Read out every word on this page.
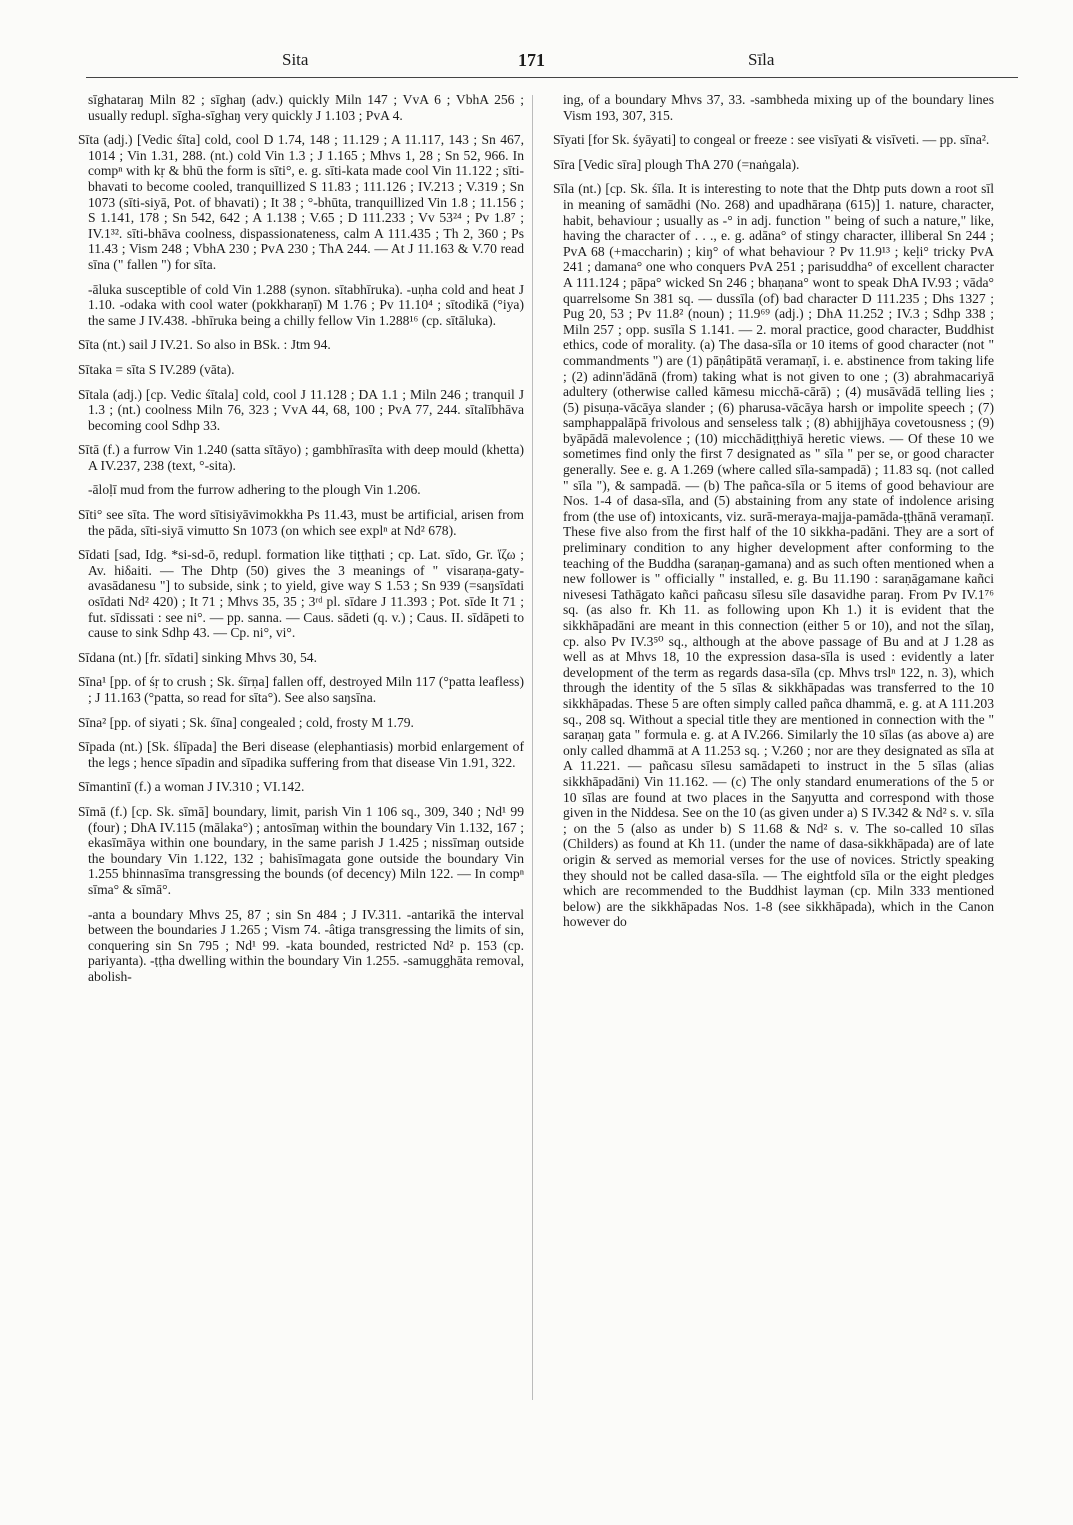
Sita	171	Sīla

sīghataraŋ Miln 82 ; sīghaŋ (adv.) quickly Miln 147 ; VvA 6 ; VbhA 256 ; usually redupl. sīgha-sīghaŋ very quickly J 1.103 ; PvA 4.

Sīta (adj.) [Vedic śīta] cold, cool D 1.74, 148 ; 11.129 ; A 11.117, 143 ; Sn 467, 1014 ; Vin 1.31, 288. (nt.) cold Vin 1.3 ; J 1.165 ; Mhvs 1, 28 ; Sn 52, 966. In compⁿ with kṛ & bhū the form is sīti°, e. g. sīti-kata made cool Vin 11.122 ; sīti-bhavati to become cooled, tranquillized S 11.83 ; 111.126 ; IV.213 ; V.319 ; Sn 1073 (sīti-siyā, Pot. of bhavati) ; It 38 ; °-bhūta, tranquillized Vin 1.8 ; 11.156 ; S 1.141, 178 ; Sn 542, 642 ; A 1.138 ; V.65 ; D 111.233 ; Vv 53²⁴ ; Pv 1.8⁷ ; IV.1³². sīti-bhāva coolness, dispassionateness, calm A 111.435 ; Th 2, 360 ; Ps 11.43 ; Vism 248 ; VbhA 230 ; PvA 230 ; ThA 244. — At J 11.163 & V.70 read sīna (" fallen ") for sīta.

-āluka susceptible of cold Vin 1.288 (synon. sītabhīruka). -uṇha cold and heat J 1.10. -odaka with cool water (pokkharaṇī) M 1.76 ; Pv 11.10⁴ ; sītodikā (°iya) the same J IV.438. -bhīruka being a chilly fellow Vin 1.288¹⁶ (cp. sītāluka).

Sīta (nt.) sail J IV.21. So also in BSk. : Jtm 94.

Sītaka = sīta S IV.289 (vāta).

Sītala (adj.) [cp. Vedic śītala] cold, cool J 11.128 ; DA 1.1 ; Miln 246 ; tranquil J 1.3 ; (nt.) coolness Miln 76, 323 ; VvA 44, 68, 100 ; PvA 77, 244. sītalībhāva becoming cool Sdhp 33.

Sītā (f.) a furrow Vin 1.240 (satta sītāyo) ; gambhīrasīta with deep mould (khetta) A IV.237, 238 (text, °-sita).

-āloḷī mud from the furrow adhering to the plough Vin 1.206.

Sīti° see sīta. The word sītisiyāvimokkha Ps 11.43, must be artificial, arisen from the pāda, sīti-siyā vimutto Sn 1073 (on which see explⁿ at Nd² 678).

Sīdati [sad, Idg. *si-sd-ō, redupl. formation like tiṭṭhati ; cp. Lat. sīdo, Gr. ἵζω ; Av. hiδaiti. — The Dhtp (50) gives the 3 meanings of " visaraṇa-gaty-avasādanesu "] to subside, sink ; to yield, give way S 1.53 ; Sn 939 (=saŋsīdati osīdati Nd² 420) ; It 71 ; Mhvs 35, 35 ; 3ʳᵈ pl. sīdare J 11.393 ; Pot. sīde It 71 ; fut. sīdissati : see ni°. — pp. sanna. — Caus. sādeti (q. v.) ; Caus. II. sīdāpeti to cause to sink Sdhp 43. — Cp. ni°, vi°.

Sīdana (nt.) [fr. sīdati] sinking Mhvs 30, 54.

Sīna¹ [pp. of śṛ to crush ; Sk. śīrṇa] fallen off, destroyed Miln 117 (°patta leafless) ; J 11.163 (°patta, so read for sīta°). See also saŋsīna.

Sīna² [pp. of siyati ; Sk. śīna] congealed ; cold, frosty M 1.79.

Sīpada (nt.) [Sk. ślīpada] the Beri disease (elephantiasis) morbid enlargement of the legs ; hence sīpadin and sīpadika suffering from that disease Vin 1.91, 322.

Sīmantinī (f.) a woman J IV.310 ; VI.142.

Sīmā (f.) [cp. Sk. sīmā] boundary, limit, parish Vin 1 106 sq., 309, 340 ; Nd¹ 99 (four) ; DhA IV.115 (mālaka°) ; antosīmaŋ within the boundary Vin 1.132, 167 ; ekasīmāya within one boundary, in the same parish J 1.425 ; nissīmaŋ outside the boundary Vin 1.122, 132 ; bahisīmagata gone outside the boundary Vin 1.255 bhinnasīma transgressing the bounds (of decency) Miln 122. — In compⁿ sīma° & sīmā°.

-anta a boundary Mhvs 25, 87 ; sin Sn 484 ; J IV.311. -antarikā the interval between the boundaries J 1.265 ; Vism 74. -âtiga transgressing the limits of sin, conquering sin Sn 795 ; Nd¹ 99. -kata bounded, restricted Nd² p. 153 (cp. pariyanta). -ṭṭha dwelling within the boundary Vin 1.255. -samugghāta removal, abolish-

ing, of a boundary Mhvs 37, 33. -sambheda mixing up of the boundary lines Vism 193, 307, 315.

Sīyati [for Sk. śyāyati] to congeal or freeze : see visīyati & visīveti. — pp. sīna².

Sīra [Vedic sīra] plough ThA 270 (=naṅgala).

Sīla (nt.) [cp. Sk. śīla. It is interesting to note that the Dhtp puts down a root sīl in meaning of samādhi (No. 268) and upadhāraṇa (615)] 1. nature, character, habit, behaviour ; usually as -° in adj. function " being of such a nature," like, having the character of . . ., e. g. adāna° of stingy character, illiberal Sn 244 ; PvA 68 (+maccharin) ; kiŋ° of what behaviour ? Pv 11.9¹³ ; keḷi° tricky PvA 241 ; damana° one who conquers PvA 251 ; parisuddha° of excellent character A 111.124 ; pāpa° wicked Sn 246 ; bhaṇana° wont to speak DhA IV.93 ; vāda° quarrelsome Sn 381 sq. — dussīla (of) bad character D 111.235 ; Dhs 1327 ; Pug 20, 53 ; Pv 11.8² (noun) ; 11.9⁶⁹ (adj.) ; DhA 11.252 ; IV.3 ; Sdhp 338 ; Miln 257 ; opp. susīla S 1.141. — 2. moral practice, good character, Buddhist ethics, code of morality. (a) The dasa-sīla or 10 items of good character (not " commandments ") are (1) pāṇâtipātā veramaṇī, i. e. abstinence from taking life ; (2) adinn'ādānā (from) taking what is not given to one ; (3) abrahmacariyā adultery (otherwise called kāmesu micchā-cārā) ; (4) musāvādā telling lies ; (5) pisuṇa-vācāya slander ; (6) pharusa-vācāya harsh or impolite speech ; (7) samphappalāpā frivolous and senseless talk ; (8) abhijjhāya covetousness ; (9) byāpādā malevolence ; (10) micchādiṭṭhiyā heretic views. — Of these 10 we sometimes find only the first 7 designated as " sīla " per se, or good character generally. See e. g. A 1.269 (where called sīla-sampadā) ; 11.83 sq. (not called " sīla "), & sampadā. — (b) The pañca-sīla or 5 items of good behaviour are Nos. 1-4 of dasa-sīla, and (5) abstaining from any state of indolence arising from (the use of) intoxicants, viz. surā-meraya-majja-pamāda-ṭṭhānā veramaṇī. These five also from the first half of the 10 sikkha-padāni. They are a sort of preliminary condition to any higher development after conforming to the teaching of the Buddha (saraṇaŋ-gamana) and as such often mentioned when a new follower is " officially " installed, e. g. Bu 11.190 : saraṇāgamane kañci nivesesi Tathāgato kañci pañcasu sīlesu sīle dasavidhe paraŋ. From Pv IV.1⁷⁶ sq. (as also fr. Kh 11. as following upon Kh 1.) it is evident that the sikkhāpadāni are meant in this connection (either 5 or 10), and not the sīlaŋ, cp. also Pv IV.3⁵⁰ sq., although at the above passage of Bu and at J 1.28 as well as at Mhvs 18, 10 the expression dasa-sīla is used : evidently a later development of the term as regards dasa-sīla (cp. Mhvs trslⁿ 122, n. 3), which through the identity of the 5 sīlas & sikkhāpadas was transferred to the 10 sikkhāpadas. These 5 are often simply called pañca dhammā, e. g. at A 111.203 sq., 208 sq. Without a special title they are mentioned in connection with the " saraṇaŋ gata " formula e. g. at A IV.266. Similarly the 10 sīlas (as above a) are only called dhammā at A 11.253 sq. ; V.260 ; nor are they designated as sīla at A 11.221. — pañcasu sīlesu samādapeti to instruct in the 5 sīlas (alias sikkhāpadāni) Vin 11.162. — (c) The only standard enumerations of the 5 or 10 sīlas are found at two places in the Saŋyutta and correspond with those given in the Niddesa. See on the 10 (as given under a) S IV.342 & Nd² s. v. sīla ; on the 5 (also as under b) S 11.68 & Nd² s. v. The so-called 10 sīlas (Childers) as found at Kh 11. (under the name of dasa-sikkhāpada) are of late origin & served as memorial verses for the use of novices. Strictly speaking they should not be called dasa-sīla. — The eightfold sīla or the eight pledges which are recommended to the Buddhist layman (cp. Miln 333 mentioned below) are the sikkhāpadas Nos. 1-8 (see sikkhāpada), which in the Canon however do
